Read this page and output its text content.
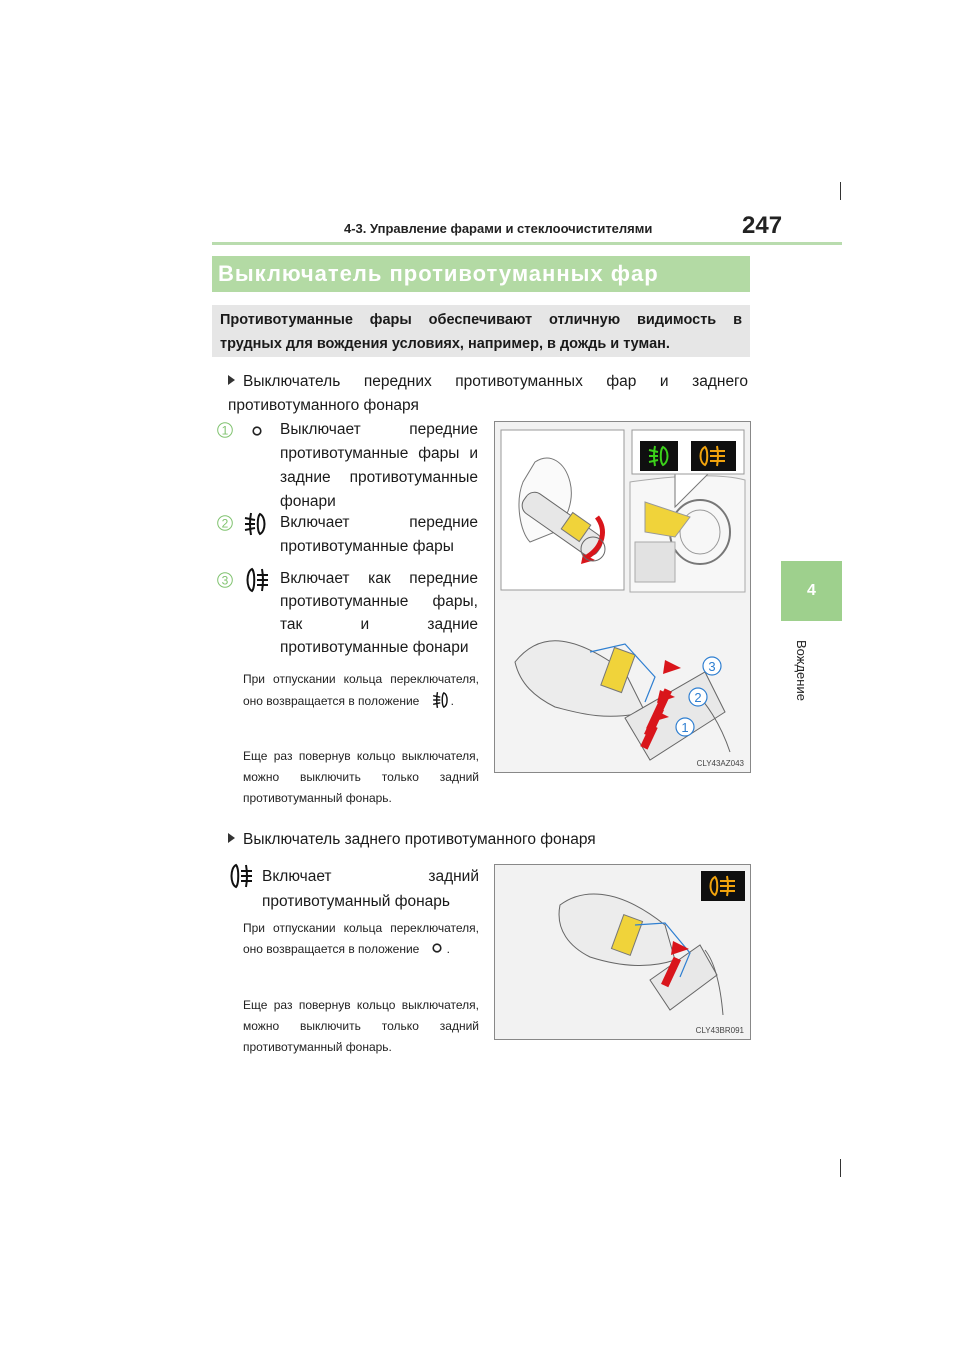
4-3. Управление фарами и стеклоочистителями	247
4
Вождение
Выключатель противотуманных фар
Противотуманные фары обеспечивают отличную видимость в трудных для вождения условиях, например, в дождь и туман.
Выключатель передних противотуманных фар и заднего противотуманного фонаря
1	Выключает передние противотуманные фары и задние противотуманные фонари
2	Включает передние противотуманные фары
3	Включает как передние противотуманные фары, так и задние противотуманные фонари
При отпускании кольца переключателя, оно возвращается в положение	.
Еще раз повернув кольцо выключателя, можно выключить только задний противотуманный фонарь.
3
2
1
CLY43AZ043
Выключатель заднего противотуманного фонаря
Включает задний противотуманный фонарь
При отпускании кольца переключателя, оно возвращается в положение .
Еще раз повернув кольцо выключателя, можно выключить только задний противотуманный фонарь.
CLY43BR091
